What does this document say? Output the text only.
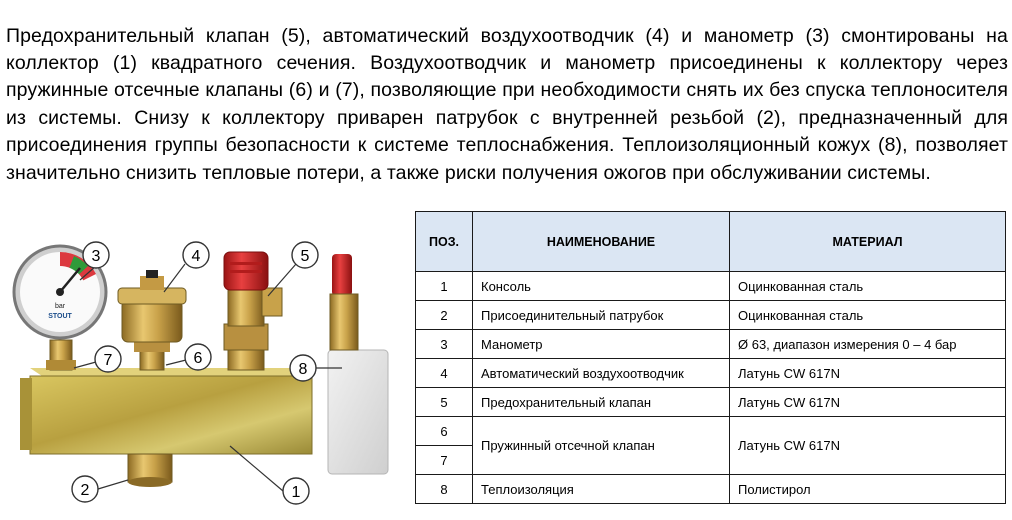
Предохранительный клапан (5), автоматический воздухоотводчик (4) и манометр (3) смонтированы на коллектор (1) квадратного сечения. Воздухоотводчик и манометр присоединены к коллектору через пружинные отсечные клапаны (6) и (7), позволяющие при необходимости снять их без спуска теплоносителя из системы. Снизу к коллектору приварен патрубок с внутренней резьбой (2), предназначенный для присоединения группы безопасности к системе теплоснабжения. Теплоизоляционный кожух (8), позволяет значительно снизить тепловые потери, а также риски получения ожогов при обслуживании системы.

bar
STOUT
1
2
3	4	5
6
7
8
ПОЗ.	НАИМЕНОВАНИЕ	МАТЕРИАЛ
1	Консоль	Оцинкованная сталь
2	Присоединительный патрубок	Оцинкованная сталь
3	Манометр	Ø 63, диапазон измерения 0 – 4 бар
4	Автоматический воздухоотводчик	Латунь CW 617N
5	Предохранительный клапан	Латунь CW 617N
6	Пружинный отсечной клапан	Латунь CW 617N
7		
8	Теплоизоляция	Полистирол
